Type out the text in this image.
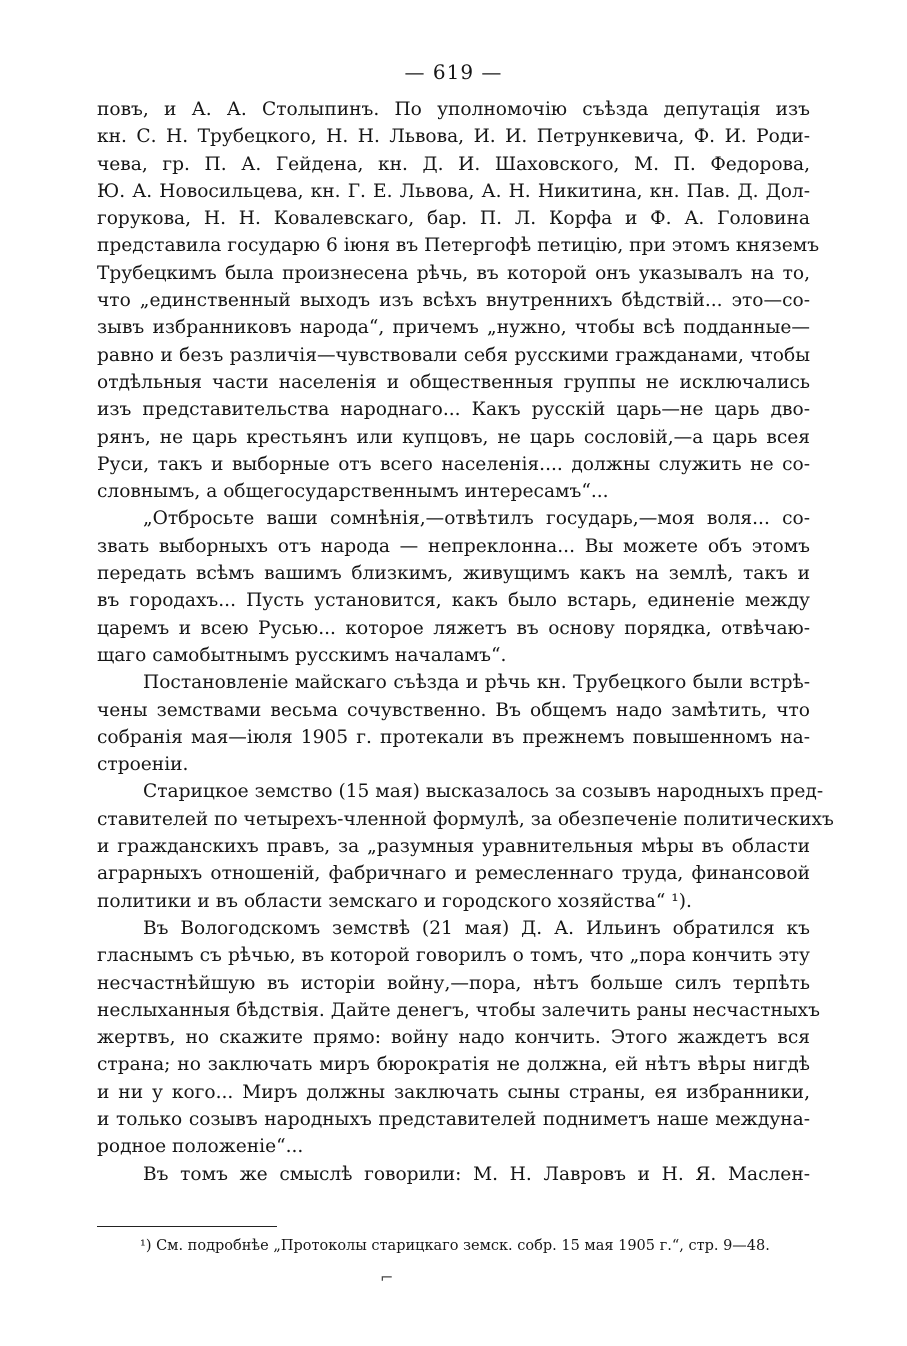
— 619 —
повъ, и А. А. Столыпинъ. По уполномочію съѣзда депутація изъ
кн. С. Н. Трубецкого, Н. Н. Львова, И. И. Петрункевича, Ф. И. Роди-
чева, гр. П. А. Гейдена, кн. Д. И. Шаховского, М. П. Федорова,
Ю. А. Новосильцева, кн. Г. Е. Львова, А. Н. Никитина, кн. Пав. Д. Дол-
горукова, Н. Н. Ковалевскаго, бар. П. Л. Корфа и Ф. А. Головина
представила государю 6 іюня въ Петергофѣ петицію, при этомъ княземъ
Трубецкимъ была произнесена рѣчь, въ которой онъ указывалъ на то,
что „единственный выходъ изъ всѣхъ внутреннихъ бѣдствій... это—со-
зывъ избранниковъ народа“, причемъ „нужно, чтобы всѣ подданные—
равно и безъ различія—чувствовали себя русскими гражданами, чтобы
отдѣльныя части населенія и общественныя группы не исключались
изъ представительства народнаго... Какъ русскій царь—не царь дво-
рянъ, не царь крестьянъ или купцовъ, не царь сословій,—а царь всея
Руси, такъ и выборные отъ всего населенія.... должны служить не со-
словнымъ, а общегосударственнымъ интересамъ“...
„Отбросьте ваши сомнѣнія,—отвѣтилъ государь,—моя воля... со-
звать выборныхъ отъ народа — непреклонна... Вы можете объ этомъ
передать всѣмъ вашимъ близкимъ, живущимъ какъ на землѣ, такъ и
въ городахъ... Пусть установится, какъ было встарь, единеніе между
царемъ и всею Русью... которое ляжетъ въ основу порядка, отвѣчаю-
щаго самобытнымъ русскимъ началамъ“.
Постановленіе майскаго съѣзда и рѣчь кн. Трубецкого были встрѣ-
чены земствами весьма сочувственно. Въ общемъ надо замѣтить, что
собранія мая—іюля 1905 г. протекали въ прежнемъ повышенномъ на-
строеніи.
Старицкое земство (15 мая) высказалось за созывъ народныхъ пред-
ставителей по четырехъ-членной формулѣ, за обезпеченіе политическихъ
и гражданскихъ правъ, за „разумныя уравнительныя мѣры въ области
аграрныхъ отношеній, фабричнаго и ремесленнаго труда, финансовой
политики и въ области земскаго и городского хозяйства“ ¹).
Въ Вологодскомъ земствѣ (21 мая) Д. А. Ильинъ обратился къ
гласнымъ съ рѣчью, въ которой говорилъ о томъ, что „пора кончить эту
несчастнѣйшую въ исторіи войну,—пора, нѣтъ больше силъ терпѣть
неслыханныя бѣдствія. Дайте денегъ, чтобы залечить раны несчастныхъ
жертвъ, но скажите прямо: войну надо кончить. Этого жаждетъ вся
страна; но заключать миръ бюрократія не должна, ей нѣтъ вѣры нигдѣ
и ни у кого... Миръ должны заключать сыны страны, ея избранники,
и только созывъ народныхъ представителей подниметъ наше междуна-
родное положеніе“...
Въ томъ же смыслѣ говорили: М. Н. Лавровъ и Н. Я. Маслен-
¹) См. подробнѣе „Протоколы старицкаго земск. собр. 15 мая 1905 г.“, стр. 9—48.
⌐
